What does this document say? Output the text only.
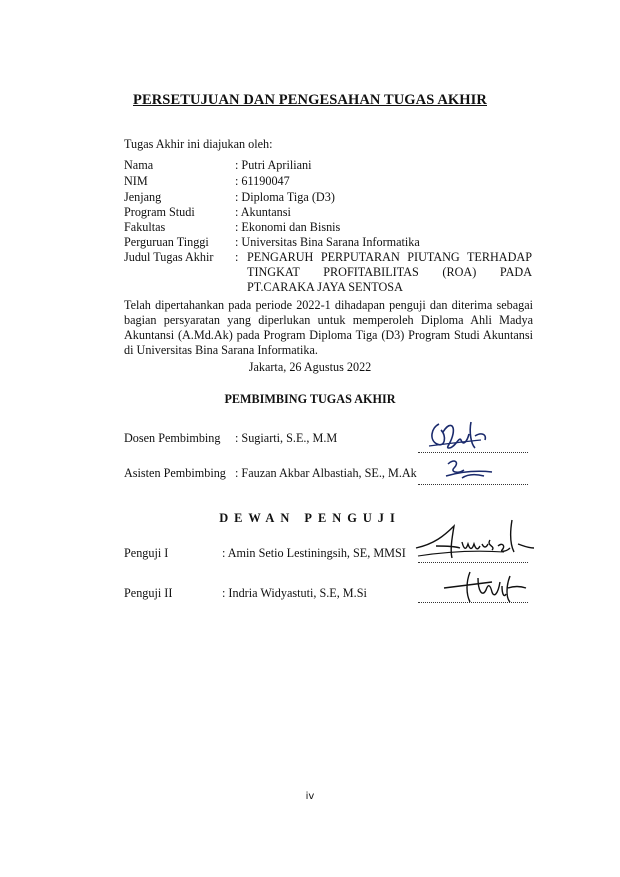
PERSETUJUAN DAN PENGESAHAN TUGAS AKHIR
Tugas Akhir ini diajukan oleh:
Nama	: Putri Apriliani
NIM	: 61190047
Jenjang	: Diploma Tiga (D3)
Program Studi	: Akuntansi
Fakultas	: Ekonomi dan Bisnis
Perguruan Tinggi : Universitas Bina Sarana Informatika
Judul Tugas Akhir : PENGARUH PERPUTARAN PIUTANG TERHADAP
TINGKAT PROFITABILITAS (ROA) PADA
PT.CARAKA JAYA SENTOSA
Telah dipertahankan pada periode 2022-1 dihadapan penguji dan diterima sebagai bagian persyaratan yang diperlukan untuk memperoleh Diploma Ahli Madya Akuntansi (A.Md.Ak) pada Program Diploma Tiga (D3) Program Studi Akuntansi di Universitas Bina Sarana Informatika.
Jakarta, 26 Agustus 2022
PEMBIMBING TUGAS AKHIR
Dosen Pembimbing : Sugiarti, S.E., M.M
Asisten Pembimbing : Fauzan Akbar Albastiah, SE., M.Ak
DEWAN PENGUJI
Penguji I	: Amin Setio Lestiningsih, SE, MMSI
Penguji II	: Indria Widyastuti, S.E, M.Si
iv
